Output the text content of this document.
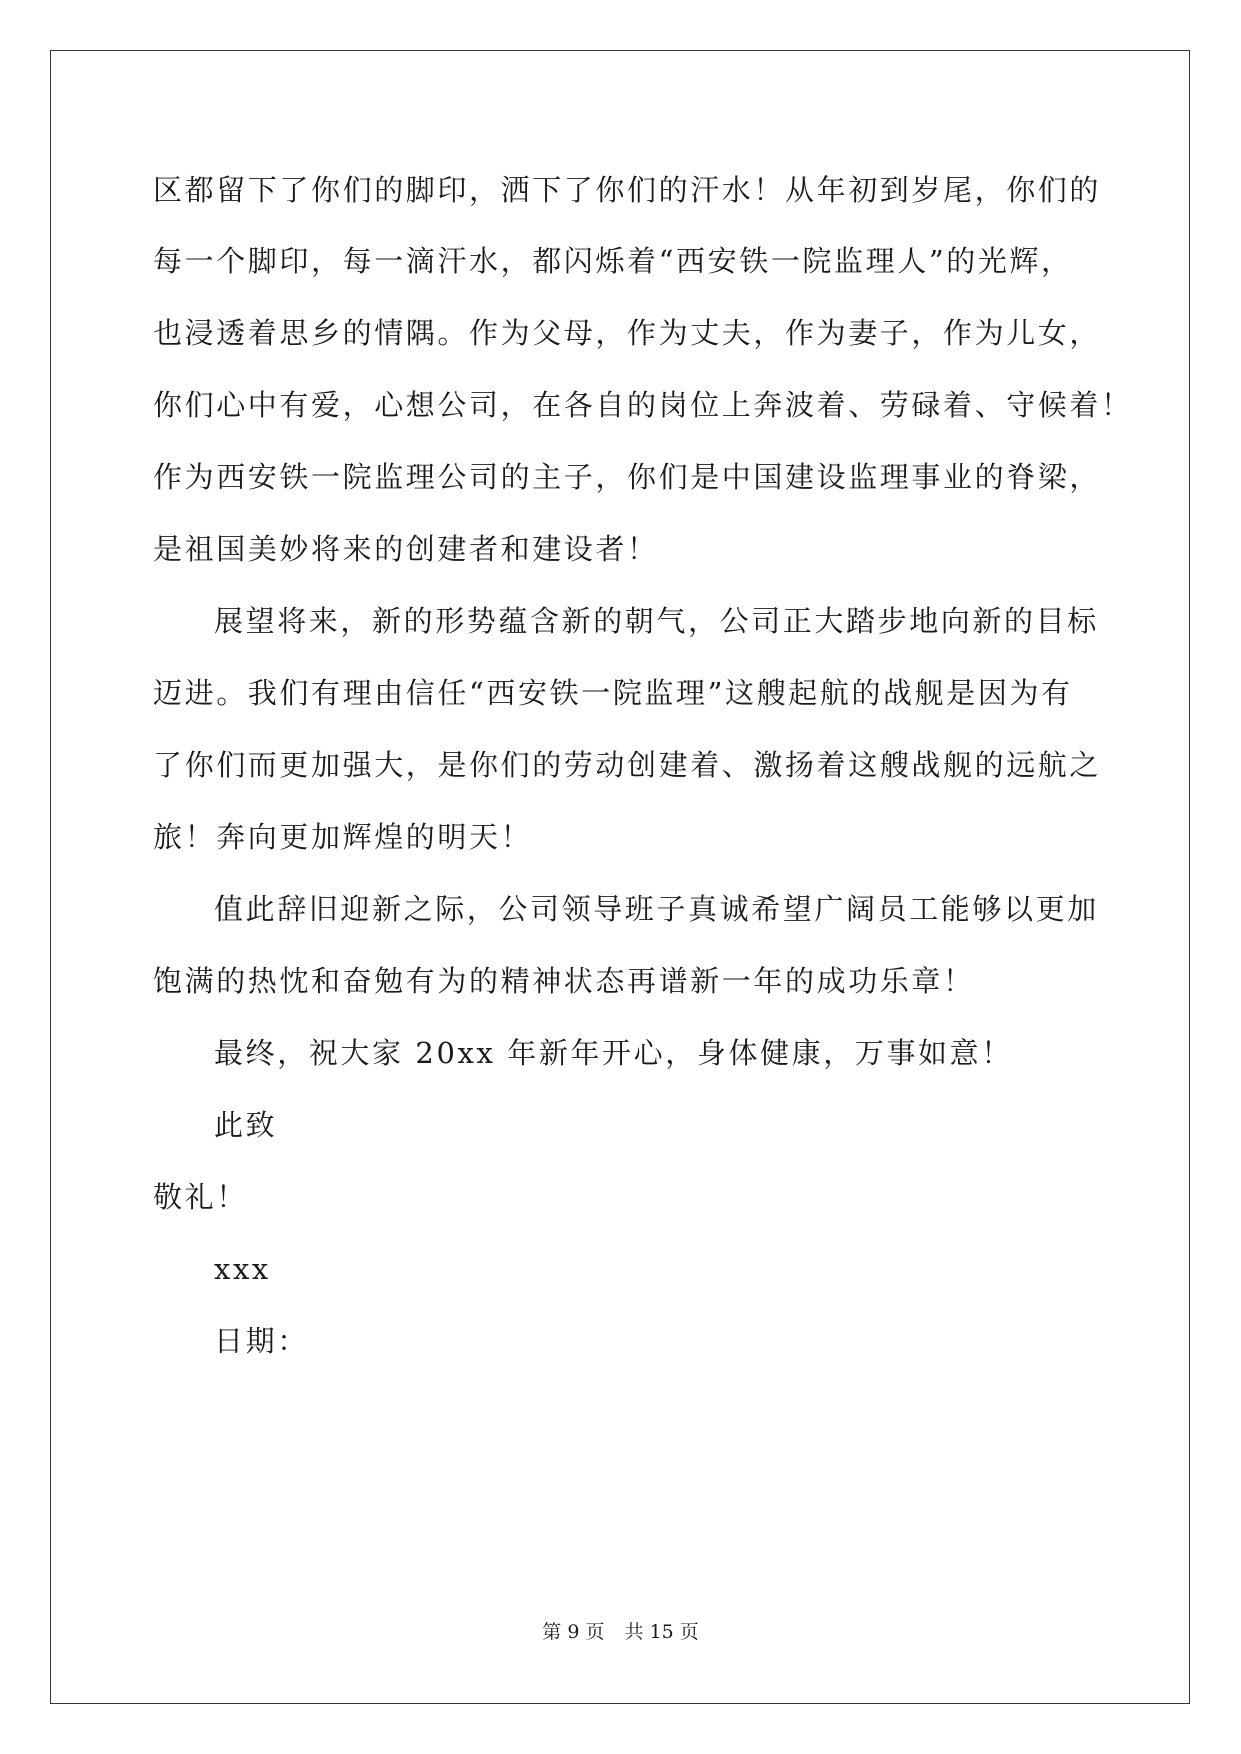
区都留下了你们的脚印，洒下了你们的汗水！从年初到岁尾，你们的
每一个脚印，每一滴汗水，都闪烁着“西安铁一院监理人”的光辉，
也浸透着思乡的情隅。作为父母，作为丈夫，作为妻子，作为儿女，
你们心中有爱，心想公司，在各自的岗位上奔波着、劳碌着、守候着！
作为西安铁一院监理公司的主子，你们是中国建设监理事业的脊梁，
是祖国美妙将来的创建者和建设者！
展望将来，新的形势蕴含新的朝气，公司正大踏步地向新的目标
迈进。我们有理由信任“西安铁一院监理”这艘起航的战舰是因为有
了你们而更加强大，是你们的劳动创建着、激扬着这艘战舰的远航之
旅！奔向更加辉煌的明天！
值此辞旧迎新之际，公司领导班子真诚希望广阔员工能够以更加
饱满的热忱和奋勉有为的精神状态再谱新一年的成功乐章！
最终，祝大家 20xx 年新年开心，身体健康，万事如意！
此致
敬礼！
xxx
日期：
第 9 页 共 15 页
